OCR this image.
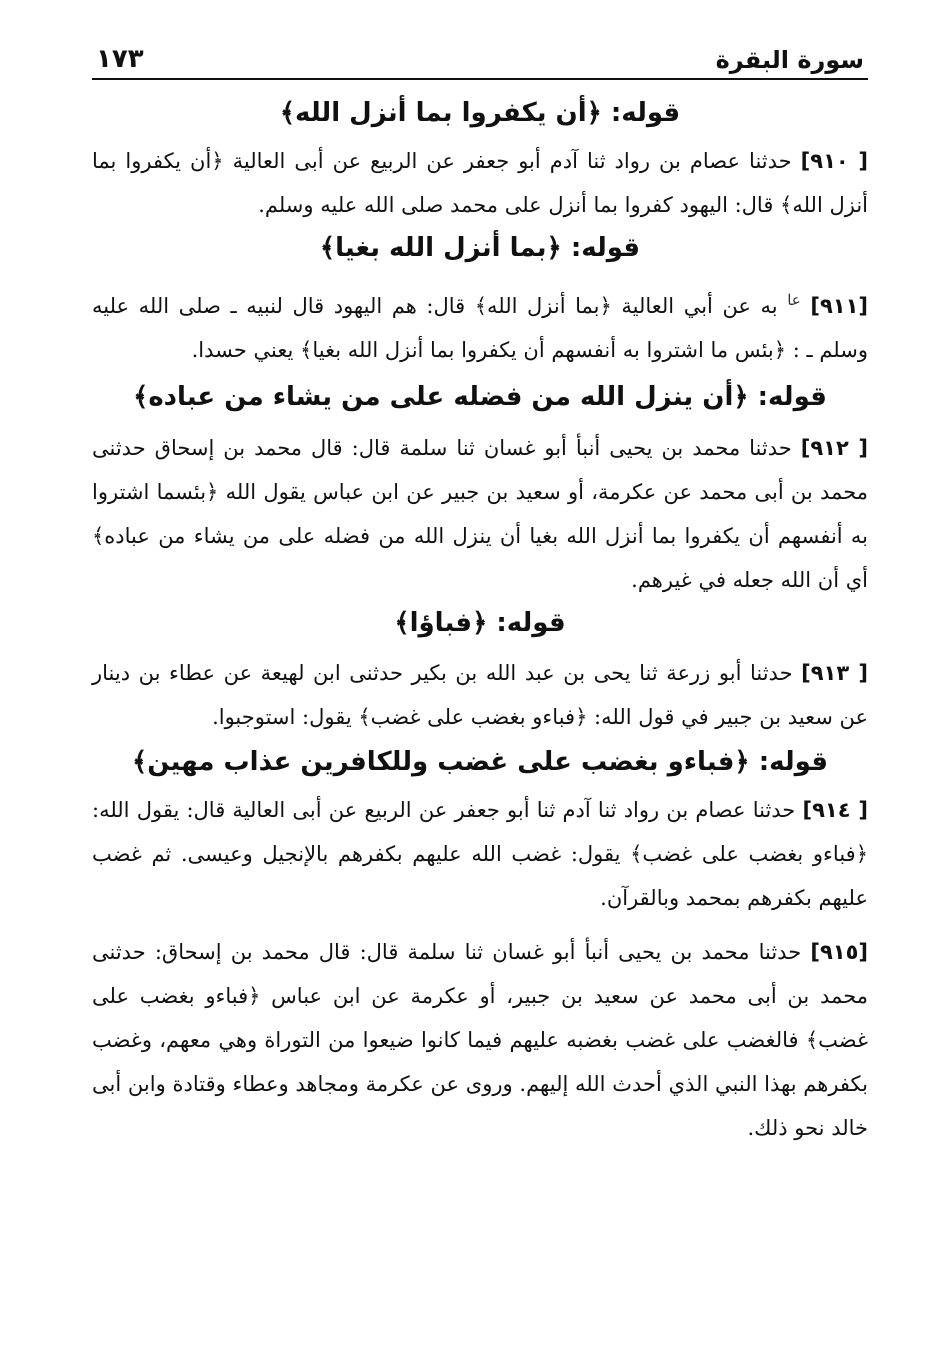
سورة البقرة
١٧٣
قوله: ﴿أن يكفروا بما أنزل الله﴾

[ ٩١٠] حدثنا عصام بن رواد ثنا آدم أبو جعفر عن الربيع عن أبى العالية ﴿أن يكفروا بما أنزل الله﴾ قال: اليهود كفروا بما أنزل على محمد صلى الله عليه وسلم.

قوله: ﴿بما أنزل الله بغيا﴾

[٩١١] $^{عا}$ به عن أبي العالية ﴿بما أنزل الله﴾ قال: هم اليهود قال لنبيه ـ صلى الله عليه وسلم ـ : ﴿بئس ما اشتروا به أنفسهم أن يكفروا بما أنزل الله بغيا﴾ يعني حسدا.

قوله: ﴿أن ينزل الله من فضله على من يشاء من عباده﴾

[ ٩١٢] حدثنا محمد بن يحيى أنبأ أبو غسان ثنا سلمة قال: قال محمد بن إسحاق حدثنى محمد بن أبى محمد عن عكرمة، أو سعيد بن جبير عن ابن عباس يقول الله ﴿بئسما اشتروا به أنفسهم أن يكفروا بما أنزل الله بغيا أن ينزل الله من فضله على من يشاء من عباده﴾ أي أن الله جعله في غيرهم.

قوله: ﴿فباؤا﴾

[ ٩١٣] حدثنا أبو زرعة ثنا يحى بن عبد الله بن بكير حدثنى ابن لهيعة عن عطاء بن دينار عن سعيد بن جبير في قول الله: ﴿فباءو بغضب على غضب﴾ يقول: استوجبوا.

قوله: ﴿فباءو بغضب على غضب وللكافرين عذاب مهين﴾

[ ٩١٤] حدثنا عصام بن رواد ثنا آدم ثنا أبو جعفر عن الربيع عن أبى العالية قال: يقول الله: ﴿فباءو بغضب على غضب﴾ يقول: غضب الله عليهم بكفرهم بالإنجيل وعيسى. ثم غضب عليهم بكفرهم بمحمد وبالقرآن.

[٩١٥] حدثنا محمد بن يحيى أنبأ أبو غسان ثنا سلمة قال: قال محمد بن إسحاق: حدثنى محمد بن أبى محمد عن سعيد بن جبير، أو عكرمة عن ابن عباس ﴿فباءو بغضب على غضب﴾ فالغضب على غضب بغضبه عليهم فيما كانوا ضيعوا من التوراة وهي معهم، وغضب بكفرهم بهذا النبي الذي أحدث الله إليهم. وروى عن عكرمة ومجاهد وعطاء وقتادة وابن أبى خالد نحو ذلك.
